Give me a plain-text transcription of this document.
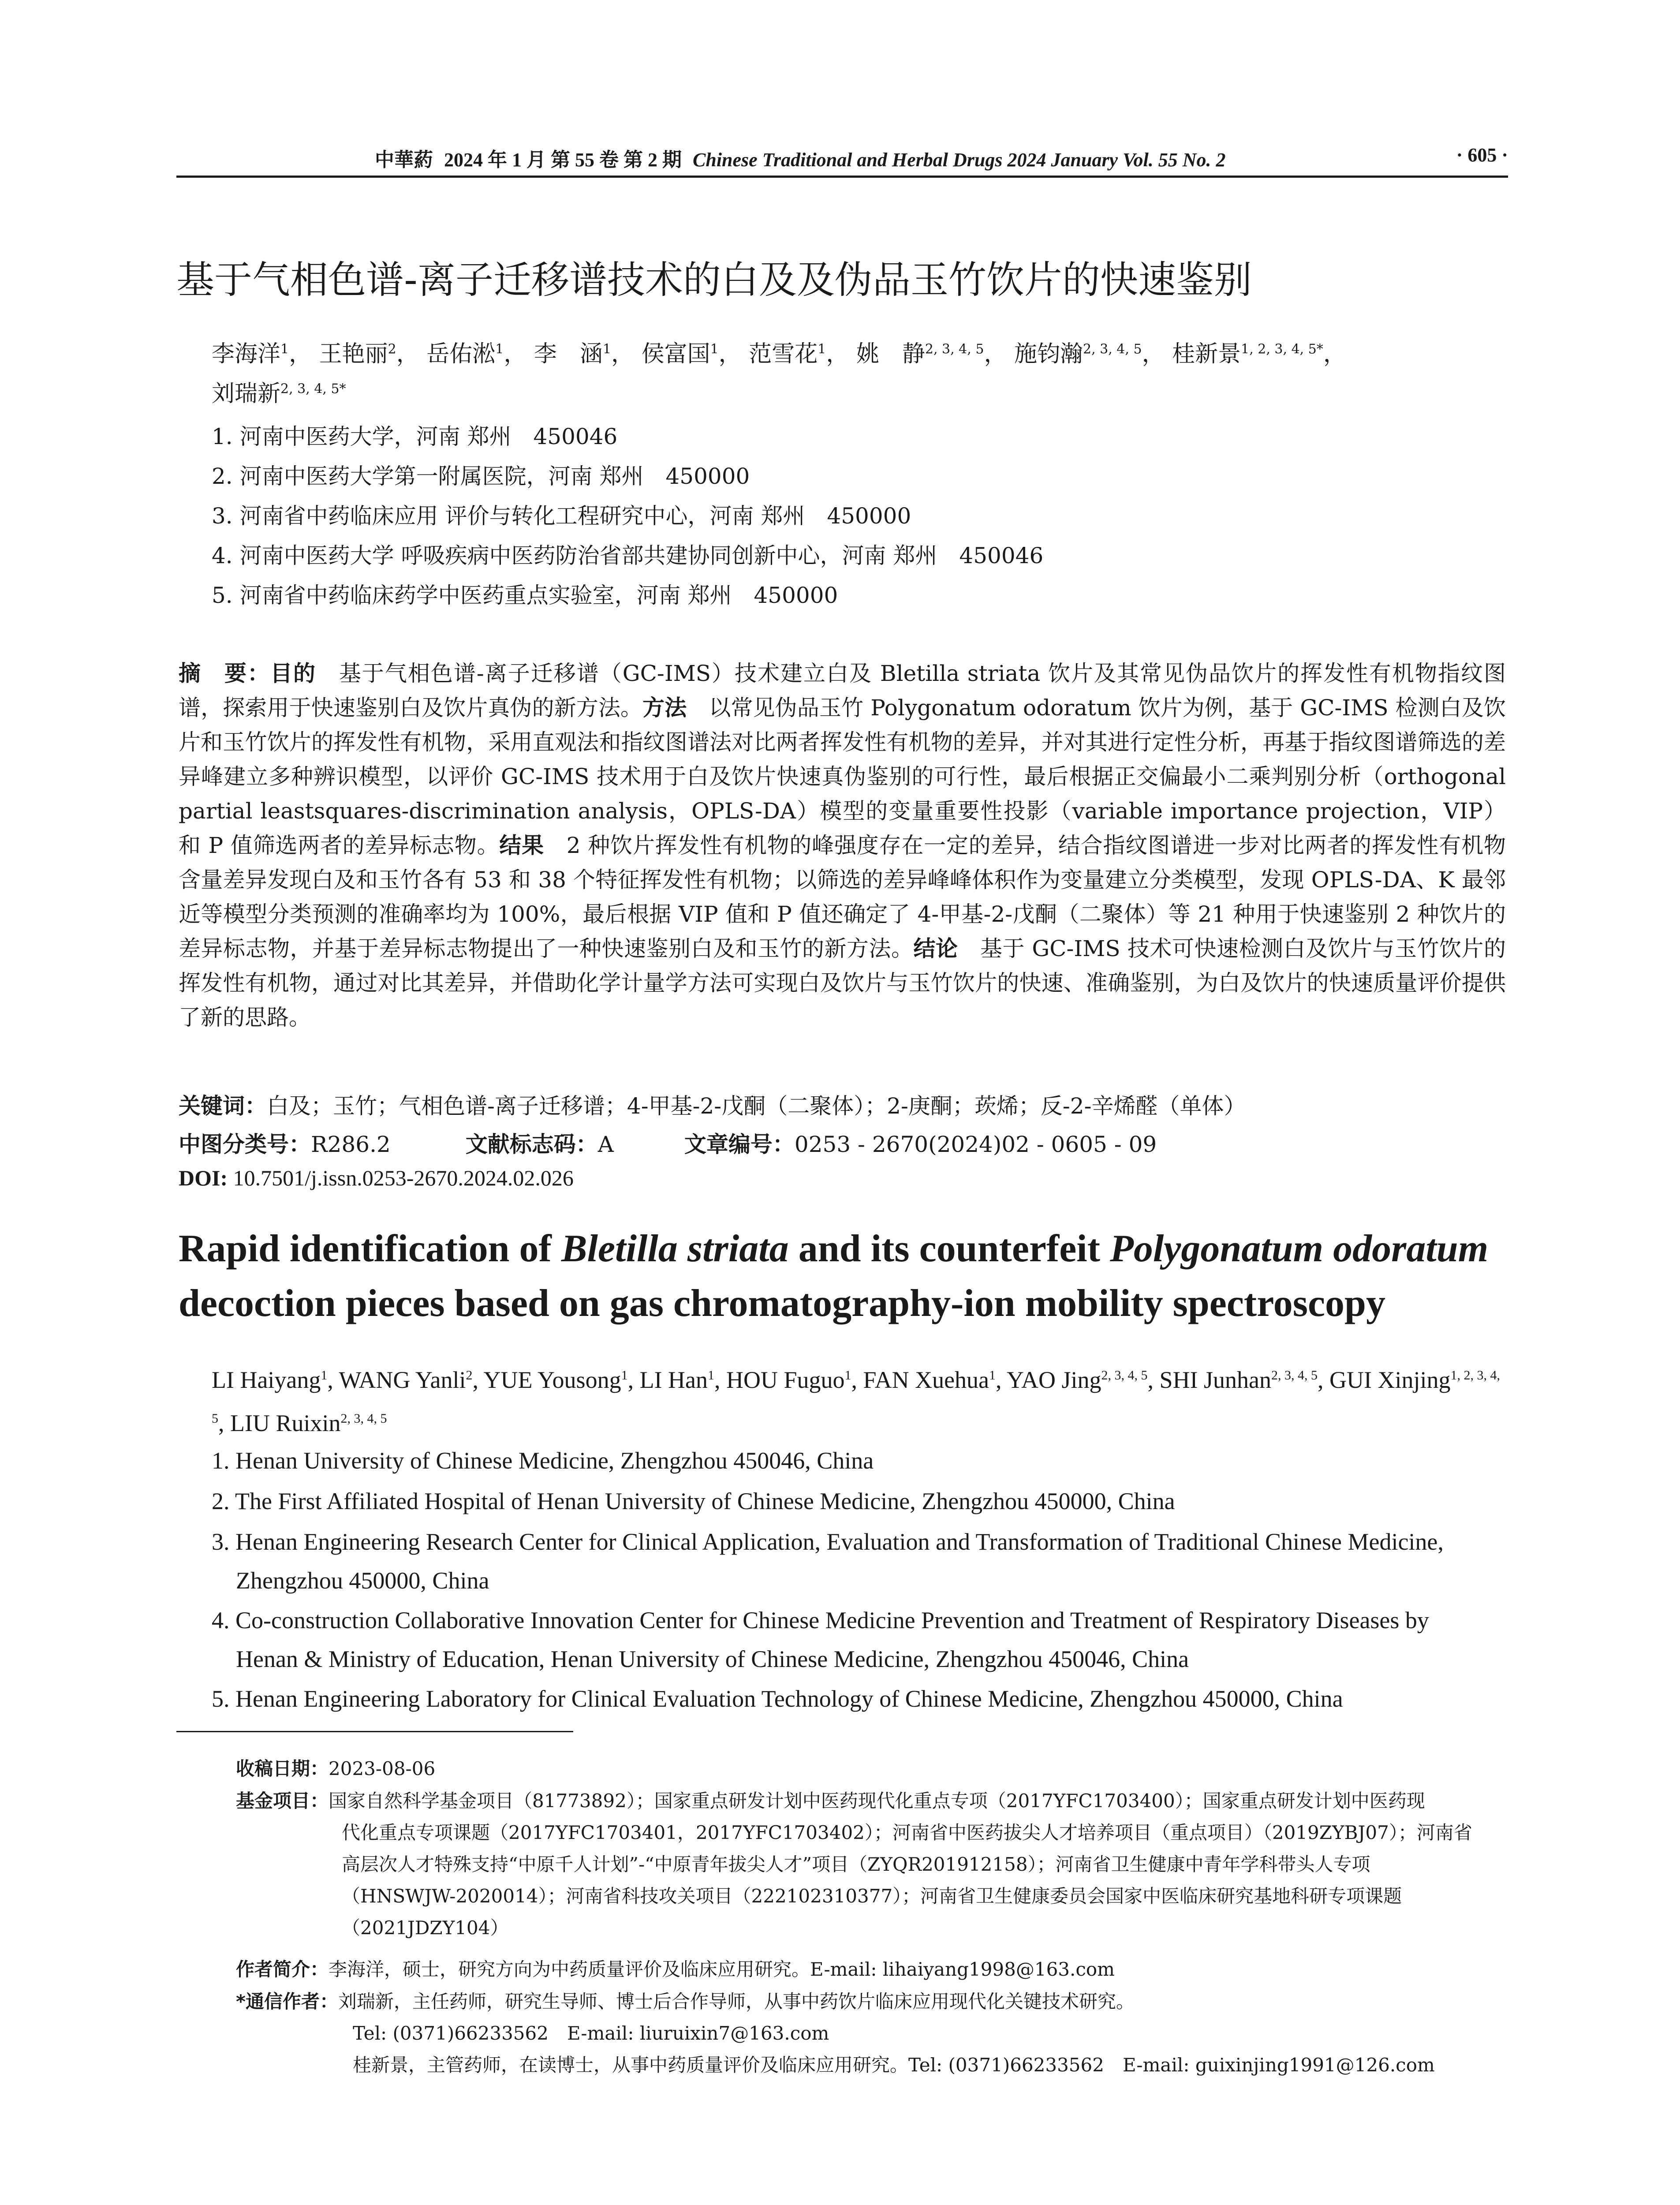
中華葯 2024 年 1 月 第 55 卷 第 2 期 Chinese Traditional and Herbal Drugs 2024 January Vol. 55 No. 2	· 605 ·
基于气相色谱-离子迁移谱技术的白及及伪品玉竹饮片的快速鉴别
李海洋$^1$， 王艳丽$^2$， 岳佑淞$^1$， 李　涵$^1$， 侯富国$^1$， 范雪花$^1$， 姚　静$^{2, 3, 4, 5}$， 施钧瀚$^{2, 3, 4, 5}$， 桂新景$^{1, 2, 3, 4, 5*}$，
刘瑞新$^{2, 3, 4, 5*}$
1. 河南中医药大学，河南 郑州　450046
2. 河南中医药大学第一附属医院，河南 郑州　450000
3. 河南省中药临床应用 评价与转化工程研究中心，河南 郑州　450000
4. 河南中医药大学 呼吸疾病中医药防治省部共建协同创新中心，河南 郑州　450046
5. 河南省中药临床药学中医药重点实验室，河南 郑州　450000
摘　要：目的　基于气相色谱-离子迁移谱（GC-IMS）技术建立白及 Bletilla striata 饮片及其常见伪品饮片的挥发性有机物指纹图谱，探索用于快速鉴别白及饮片真伪的新方法。方法　以常见伪品玉竹 Polygonatum odoratum 饮片为例，基于 GC-IMS 检测白及饮片和玉竹饮片的挥发性有机物，采用直观法和指纹图谱法对比两者挥发性有机物的差异，并对其进行定性分析，再基于指纹图谱筛选的差异峰建立多种辨识模型，以评价 GC-IMS 技术用于白及饮片快速真伪鉴别的可行性，最后根据正交偏最小二乘判别分析（orthogonal partial leastsquares-discrimination analysis，OPLS-DA）模型的变量重要性投影（variable importance projection，VIP）和 P 值筛选两者的差异标志物。结果　2 种饮片挥发性有机物的峰强度存在一定的差异，结合指纹图谱进一步对比两者的挥发性有机物含量差异发现白及和玉竹各有 53 和 38 个特征挥发性有机物；以筛选的差异峰峰体积作为变量建立分类模型，发现 OPLS-DA、K 最邻近等模型分类预测的准确率均为 100%，最后根据 VIP 值和 P 值还确定了 4-甲基-2-戊酮（二聚体）等 21 种用于快速鉴别 2 种饮片的差异标志物，并基于差异标志物提出了一种快速鉴别白及和玉竹的新方法。结论　基于 GC-IMS 技术可快速检测白及饮片与玉竹饮片的挥发性有机物，通过对比其差异，并借助化学计量学方法可实现白及饮片与玉竹饮片的快速、准确鉴别，为白及饮片的快速质量评价提供了新的思路。
关键词：白及；玉竹；气相色谱-离子迁移谱；4-甲基-2-戊酮（二聚体）；2-庚酮；莰烯；反-2-辛烯醛（单体）
中图分类号：R286.2	文献标志码：A	文章编号：0253 - 2670(2024)02 - 0605 - 09
DOI: 10.7501/j.issn.0253-2670.2024.02.026
Rapid identification of Bletilla striata and its counterfeit Polygonatum odoratum decoction pieces based on gas chromatography-ion mobility spectroscopy
LI Haiyang$^1$, WANG Yanli$^2$, YUE Yousong$^1$, LI Han$^1$, HOU Fuguo$^1$, FAN Xuehua$^1$, YAO Jing$^{2, 3, 4, 5}$, SHI Junhan$^{2, 3, 4, 5}$, GUI Xinjing$^{1, 2, 3, 4, 5}$, LIU Ruixin$^{2, 3, 4, 5}$
1. Henan University of Chinese Medicine, Zhengzhou 450046, China
2. The First Affiliated Hospital of Henan University of Chinese Medicine, Zhengzhou 450000, China
3. Henan Engineering Research Center for Clinical Application, Evaluation and Transformation of Traditional Chinese Medicine,
Zhengzhou 450000, China
4. Co-construction Collaborative Innovation Center for Chinese Medicine Prevention and Treatment of Respiratory Diseases by
Henan & Ministry of Education, Henan University of Chinese Medicine, Zhengzhou 450046, China
5. Henan Engineering Laboratory for Clinical Evaluation Technology of Chinese Medicine, Zhengzhou 450000, China
收稿日期：2023-08-06
基金项目：国家自然科学基金项目（81773892）；国家重点研发计划中医药现代化重点专项（2017YFC1703400）；国家重点研发计划中医药现
代化重点专项课题（2017YFC1703401，2017YFC1703402）；河南省中医药拔尖人才培养项目（重点项目）（2019ZYBJ07）；河南省
高层次人才特殊支持“中原千人计划”-“中原青年拔尖人才”项目（ZYQR201912158）；河南省卫生健康中青年学科带头人专项
（HNSWJW-2020014）；河南省科技攻关项目（222102310377）；河南省卫生健康委员会国家中医临床研究基地科研专项课题
（2021JDZY104）
作者简介：李海洋，硕士，研究方向为中药质量评价及临床应用研究。E-mail: lihaiyang1998@163.com
*通信作者：刘瑞新，主任药师，研究生导师、博士后合作导师，从事中药饮片临床应用现代化关键技术研究。
Tel: (0371)66233562　E-mail: liuruixin7@163.com
桂新景，主管药师，在读博士，从事中药质量评价及临床应用研究。Tel: (0371)66233562　E-mail: guixinjing1991@126.com
